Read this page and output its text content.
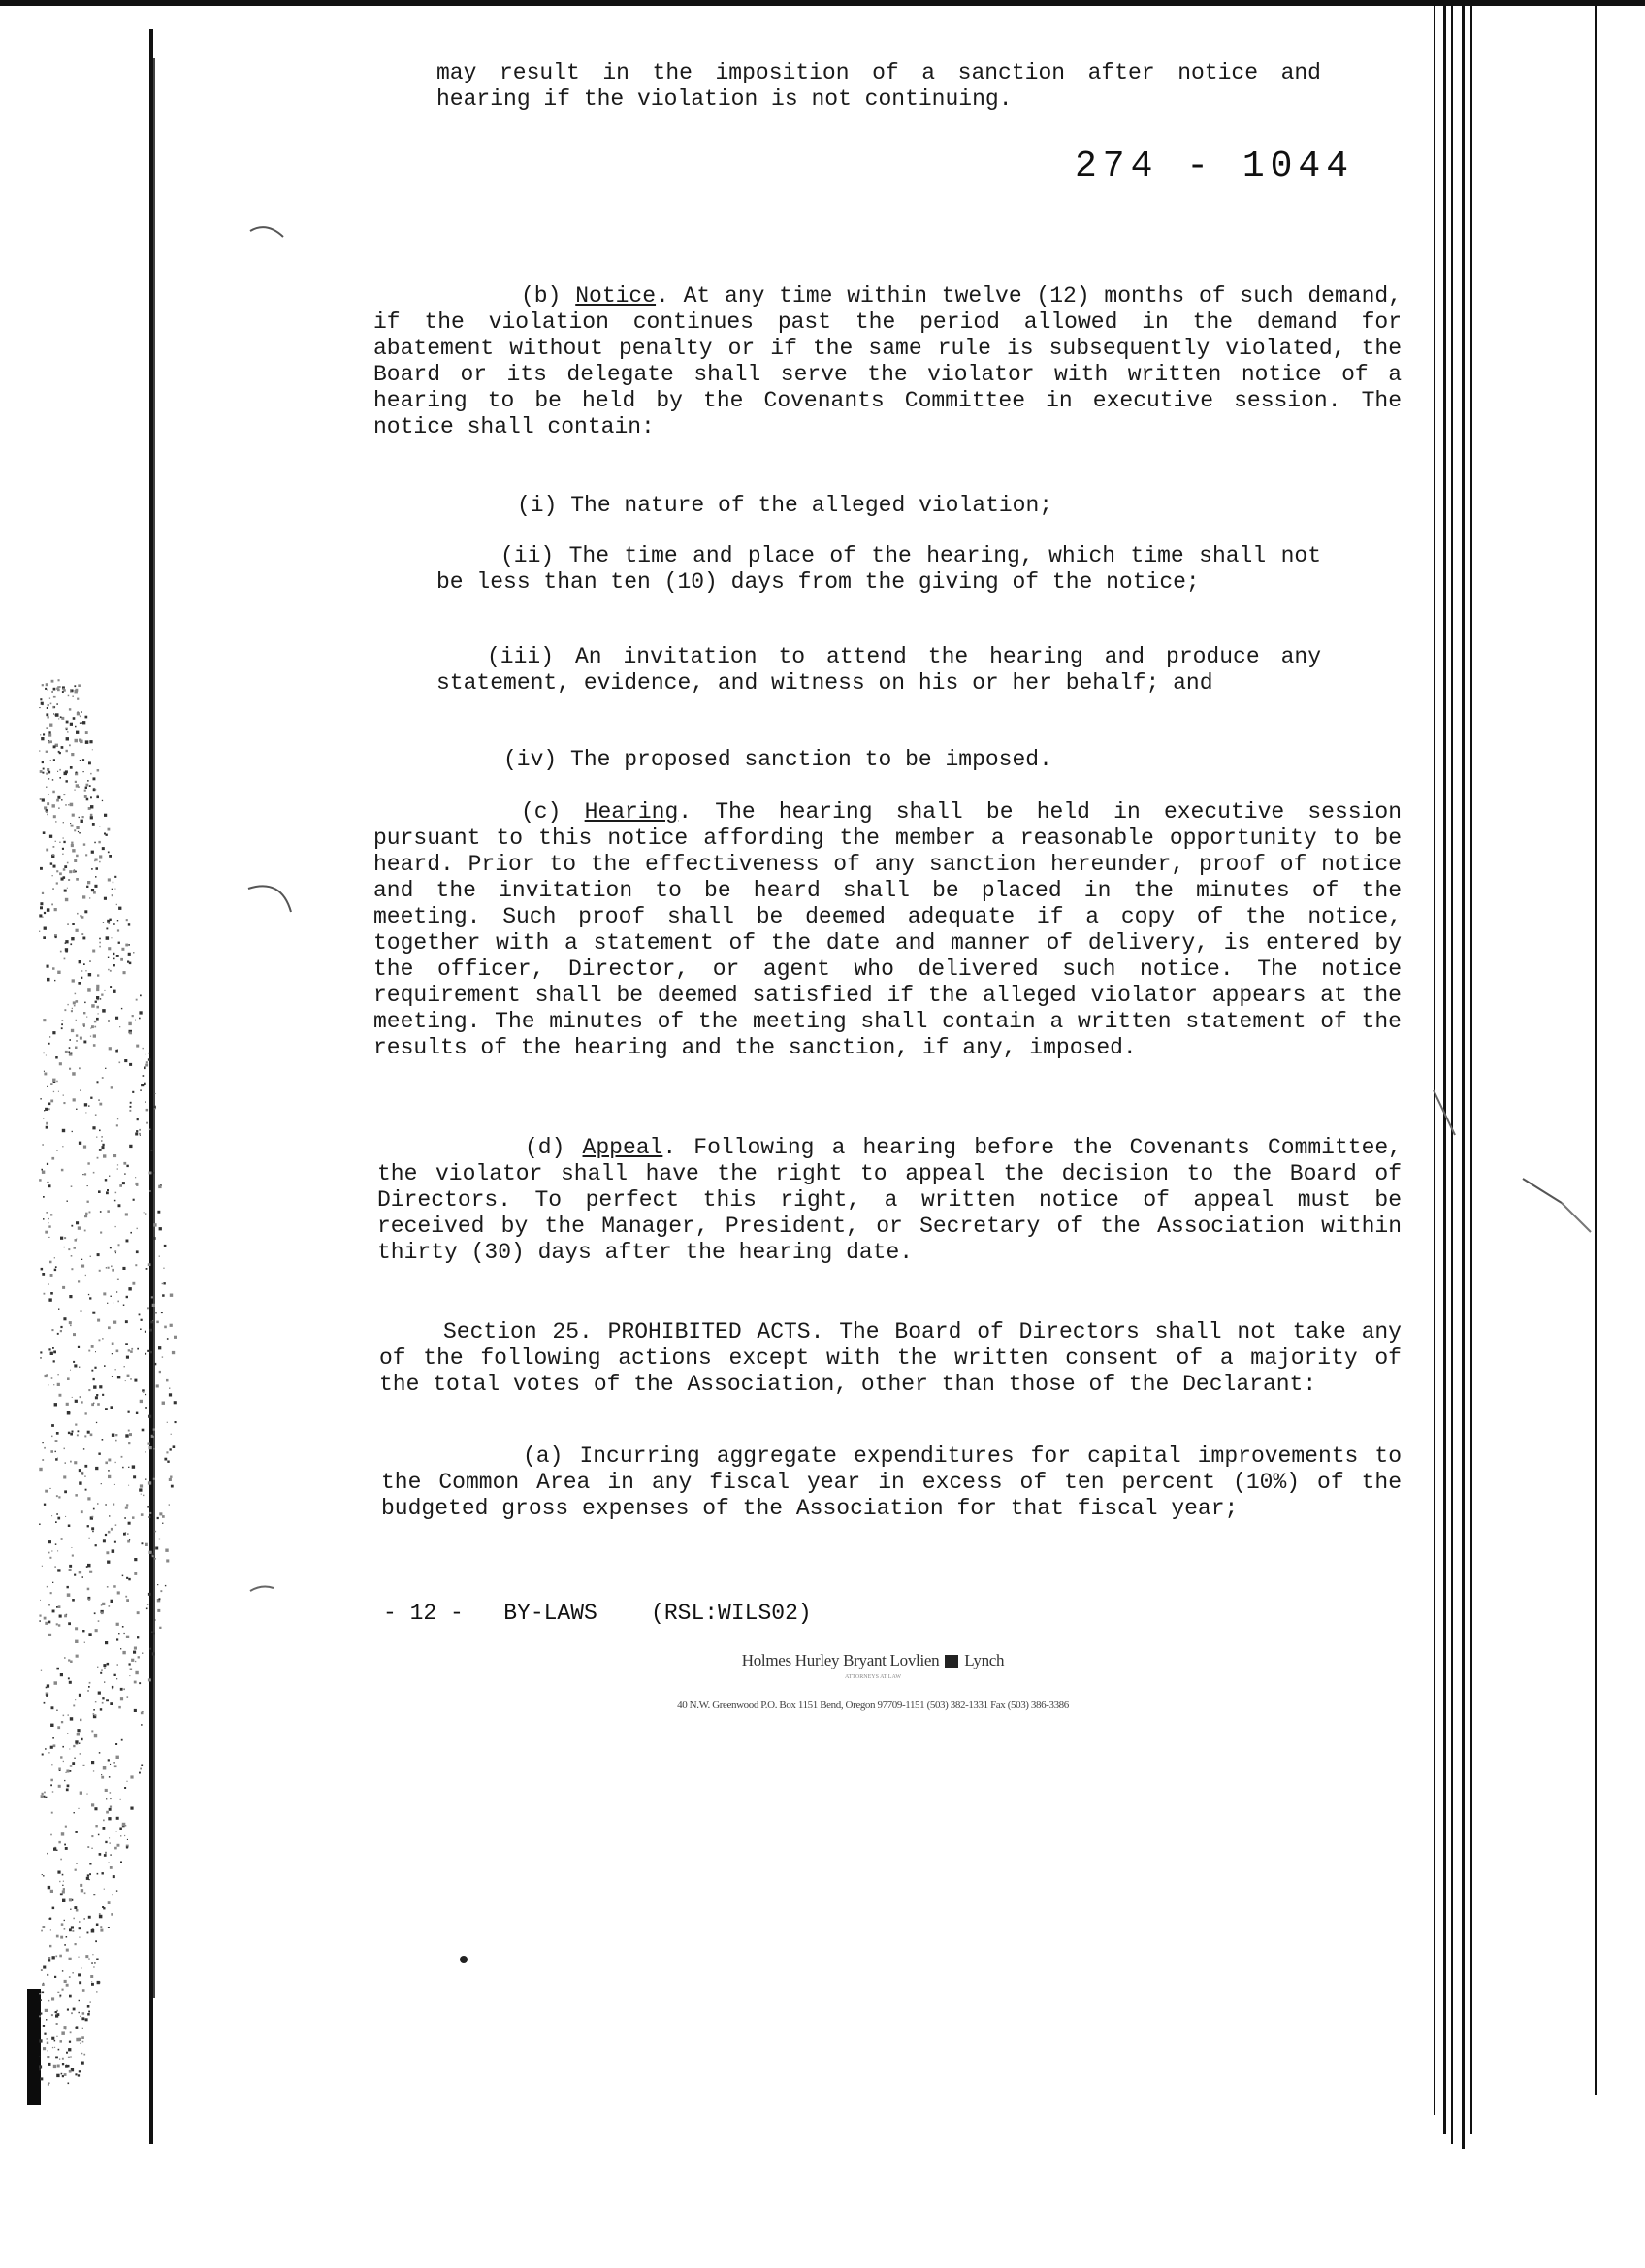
274 - 1044

may result in the imposition of a sanction after notice and hearing if the violation is not continuing.

(b) Notice. At any time within twelve (12) months of such demand, if the violation continues past the period allowed in the demand for abatement without penalty or if the same rule is subsequently violated, the Board or its delegate shall serve the violator with written notice of a hearing to be held by the Covenants Committee in executive session. The notice shall contain:

(i) The nature of the alleged violation;

(ii) The time and place of the hearing, which time shall not be less than ten (10) days from the giving of the notice;

(iii) An invitation to attend the hearing and produce any statement, evidence, and witness on his or her behalf; and

(iv) The proposed sanction to be imposed.

(c) Hearing. The hearing shall be held in executive session pursuant to this notice affording the member a reasonable opportunity to be heard. Prior to the effectiveness of any sanction hereunder, proof of notice and the invitation to be heard shall be placed in the minutes of the meeting. Such proof shall be deemed adequate if a copy of the notice, together with a statement of the date and manner of delivery, is entered by the officer, Director, or agent who delivered such notice. The notice requirement shall be deemed satisfied if the alleged violator appears at the meeting. The minutes of the meeting shall contain a written statement of the results of the hearing and the sanction, if any, imposed.

(d) Appeal. Following a hearing before the Covenants Committee, the violator shall have the right to appeal the decision to the Board of Directors. To perfect this right, a written notice of appeal must be received by the Manager, President, or Secretary of the Association within thirty (30) days after the hearing date.

Section 25. PROHIBITED ACTS. The Board of Directors shall not take any of the following actions except with the written consent of a majority of the total votes of the Association, other than those of the Declarant:

(a) Incurring aggregate expenditures for capital improvements to the Common Area in any fiscal year in excess of ten percent (10%) of the budgeted gross expenses of the Association for that fiscal year;

- 12 -   BY-LAWS    (RSL:WILS02)
Holmes Hurley Bryant Lovlien Lynch
ATTORNEYS AT LAW
40 N.W. Greenwood P.O. Box 1151 Bend, Oregon 97709-1151 (503) 382-1331 Fax (503) 386-3386
